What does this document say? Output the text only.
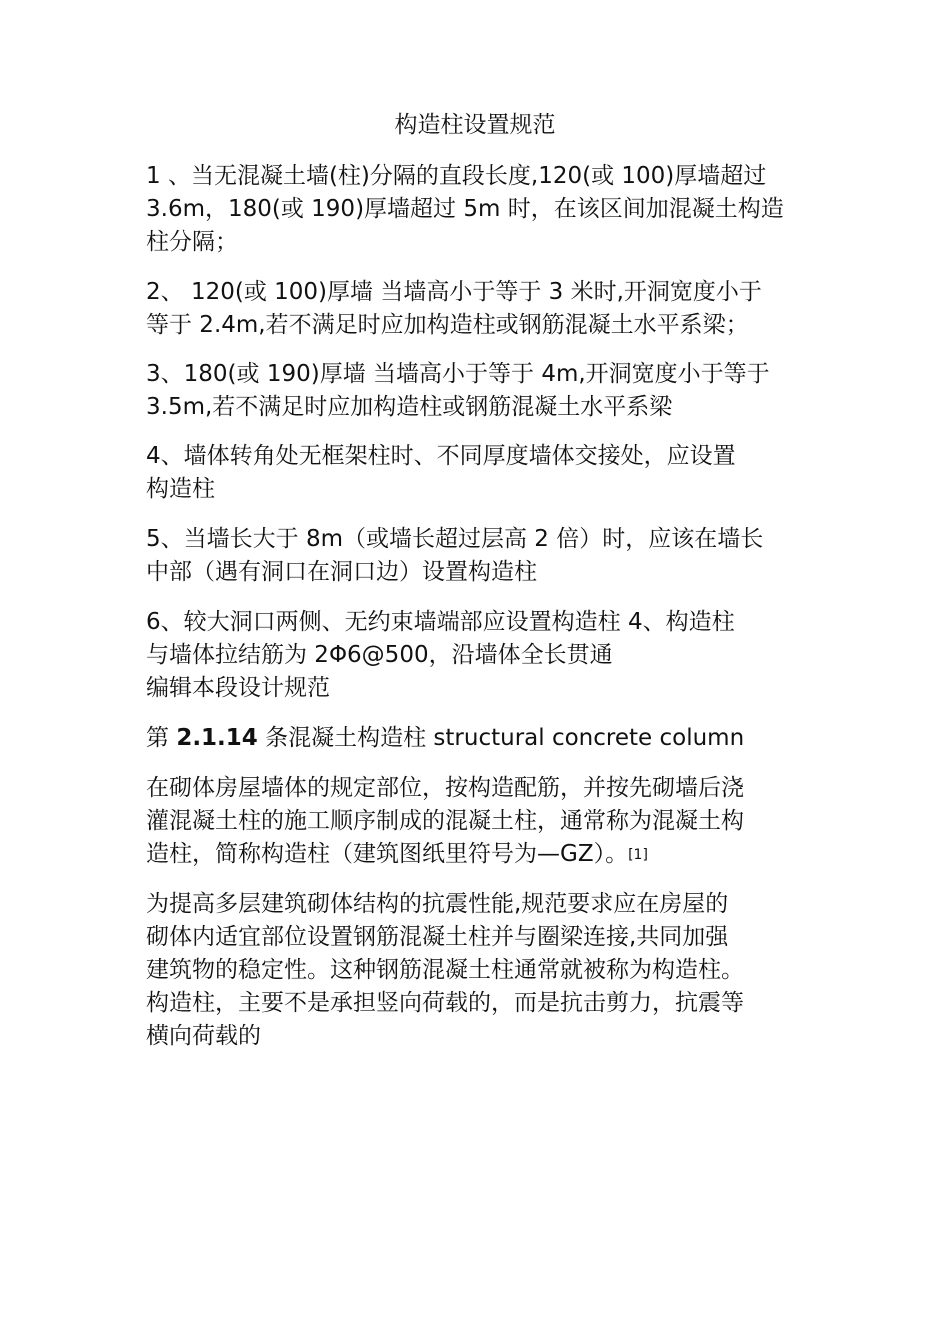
构造柱设置规范

1 、当无混凝土墙(柱)分隔的直段长度,120(或 100)厚墙超过
3.6m，180(或 190)厚墙超过 5m 时，在该区间加混凝土构造
柱分隔；

2、 120(或 100)厚墙 当墙高小于等于 3 米时,开洞宽度小于
等于 2.4m,若不满足时应加构造柱或钢筋混凝土水平系梁；

3、180(或 190)厚墙 当墙高小于等于 4m,开洞宽度小于等于
3.5m,若不满足时应加构造柱或钢筋混凝土水平系梁

4、墙体转角处无框架柱时、不同厚度墙体交接处，应设置
构造柱

5、当墙长大于 8m（或墙长超过层高 2 倍）时，应该在墙长
中部（遇有洞口在洞口边）设置构造柱

6、较大洞口两侧、无约束墙端部应设置构造柱 4、构造柱
与墙体拉结筋为 2Φ6@500，沿墙体全长贯通
编辑本段设计规范

第 2.1.14 条混凝土构造柱 structural concrete column

在砌体房屋墙体的规定部位，按构造配筋，并按先砌墙后浇
灌混凝土柱的施工顺序制成的混凝土柱，通常称为混凝土构
造柱，简称构造柱（建筑图纸里符号为—GZ）。[1]

为提高多层建筑砌体结构的抗震性能,规范要求应在房屋的
砌体内适宜部位设置钢筋混凝土柱并与圈梁连接,共同加强
建筑物的稳定性。这种钢筋混凝土柱通常就被称为构造柱。
构造柱，主要不是承担竖向荷载的，而是抗击剪力，抗震等
横向荷载的
